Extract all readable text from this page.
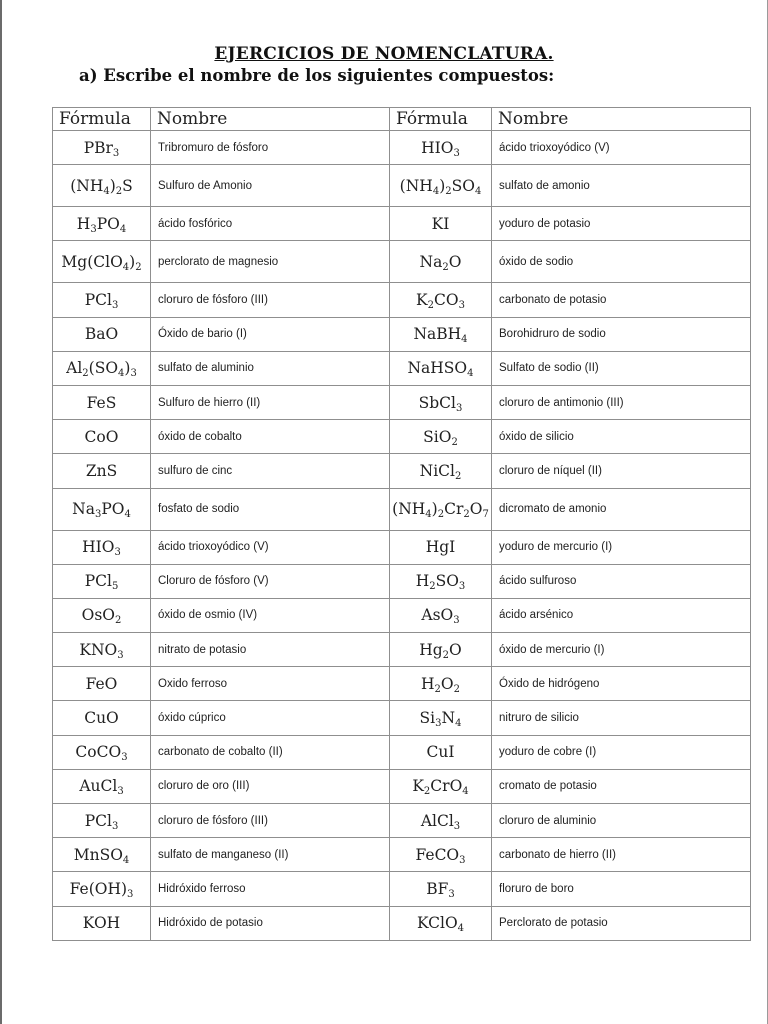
EJERCICIOS DE NOMENCLATURA.
a) Escribe el nombre de los siguientes compuestos:
Fórmula	Nombre	Fórmula	Nombre
PBr$_3$	Tribromuro de fósforo	$HIO_3$	ácido trioxoyódico (V)
$(NH_4)_2S$	Sulfuro de Amonio	$(NH_4)_2SO_4$	sulfato de amonio
$H_3PO_4$	ácido fosfórico	KI	yoduro de potasio
$Mg(ClO_4)_2$	perclorato de magnesio	$Na_2O$	óxido de sodio
PCl$_3$	cloruro de fósforo (III)	$K_2CO_3$	carbonato de potasio
BaO	Óxido de bario (I)	NaBH$_4$	Borohidruro de sodio
$Al_2(SO_4)_3$	sulfato de aluminio	NaHSO$_4$	Sulfato de sodio (II)
FeS	Sulfuro de hierro (II)	SbCl$_3$	cloruro de antimonio (III)
CoO	óxido de cobalto	SiO$_2$	óxido de silicio
ZnS	sulfuro de cinc	NiCl$_2$	cloruro de níquel (II)
$Na_3PO_4$	fosfato de sodio	$(NH_4)_2Cr_2O_7$	dicromato de amonio
$HIO_3$	ácido trioxoyódico (V)	HgI	yoduro de mercurio (I)
PCl$_5$	Cloruro de fósforo (V)	$H_2SO_3$	ácido sulfuroso
OsO$_2$	óxido de osmio (IV)	AsO$_3$	ácido arsénico
$KNO_3$	nitrato de potasio	$Hg_2O$	óxido de mercurio (I)
FeO	Oxido ferroso	$H_2O_2$	Óxido de hidrógeno
CuO	óxido cúprico	$Si_3N_4$	nitruro de silicio
CoCO$_3$	carbonato de cobalto (II)	CuI	yoduro de cobre (I)
AuCl$_3$	cloruro de oro (III)	$K_2CrO_4$	cromato de potasio
PCl$_3$	cloruro de fósforo (III)	AlCl$_3$	cloruro de aluminio
MnSO$_4$	sulfato de manganeso (II)	FeCO$_3$	carbonato de hierro (II)
$Fe(OH)_3$	Hidróxido ferroso	$BF_3$	floruro de boro
KOH	Hidróxido de potasio	KClO$_4$	Perclorato de potasio
